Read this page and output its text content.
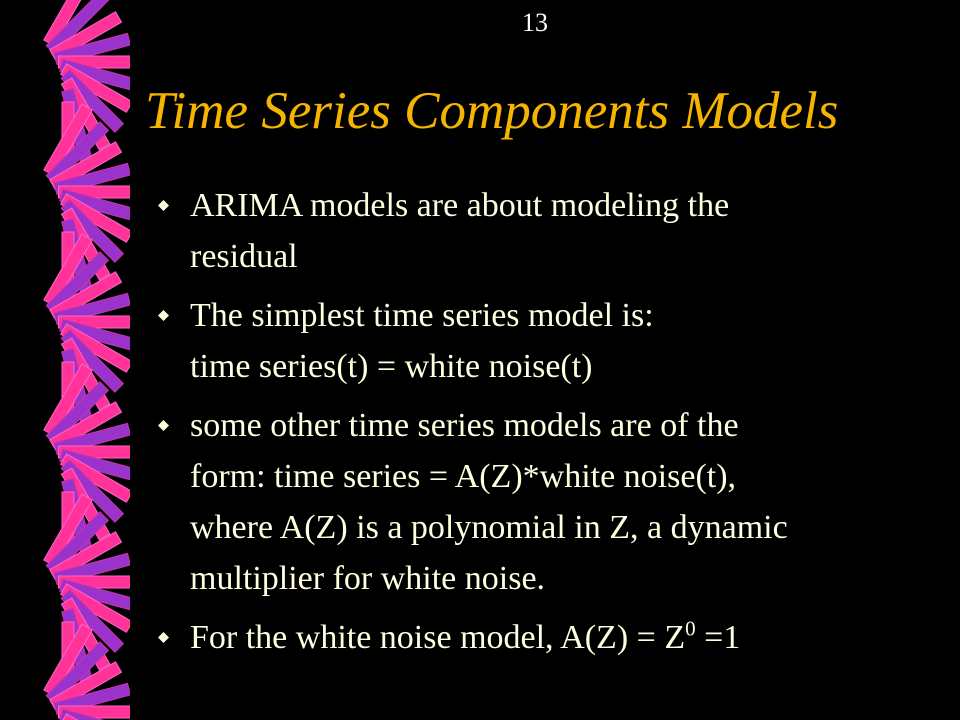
13
Time Series Components Models
ARIMA models are about modeling the
residual
The simplest time series model is:
time series(t) = white noise(t)
some other time series models are of the
form: time series = A(Z)*white noise(t),
where A(Z) is a polynomial in Z, a dynamic
multiplier for white noise.
For the white noise model, $A(Z) = Z^0 =1$
